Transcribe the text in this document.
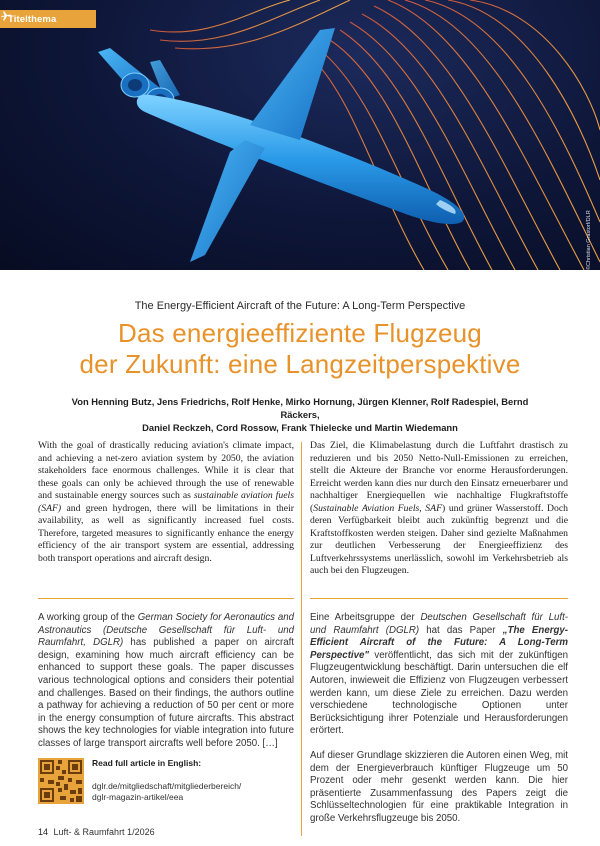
Titelthema
©Christian Grastorf/DLR
The Energy-Efficient Aircraft of the Future: A Long-Term Perspective
Das energieeffiziente Flugzeug
der Zukunft: eine Langzeitperspektive
Von Henning Butz, Jens Friedrichs, Rolf Henke, Mirko Hornung, Jürgen Klenner, Rolf Radespiel, Bernd Räckers,
Daniel Reckzeh, Cord Rossow, Frank Thielecke und Martin Wiedemann

With the goal of drastically reducing aviation's climate impact, and achieving a net-zero aviation system by 2050, the aviation stakeholders face enormous challenges. While it is clear that these goals can only be achieved through the use of renewable and sustainable energy sources such as sustainable aviation fuels (SAF) and green hydrogen, there will be limitations in their availability, as well as significantly increased fuel costs. Therefore, targeted measures to significantly enhance the energy efficiency of the air transport system are essential, addressing both transport operations and aircraft design.

A working group of the German Society for Aeronautics and Astronautics (Deutsche Gesellschaft für Luft- und Raumfahrt, DGLR) has published a paper on aircraft design, examining how much aircraft efficiency can be enhanced to support these goals. The paper discusses various technological options and considers their potential and challenges. Based on their findings, the authors outline a pathway for achieving a reduction of 50 per cent or more in the energy consumption of future aircrafts. This abstract shows the key technologies for viable integration into future classes of large transport aircrafts well before 2050. […]

Read full article in English:
dglr.de/mitgliedschaft/mitgliederbereich/
dglr-magazin-artikel/eea

Das Ziel, die Klimabelastung durch die Luftfahrt drastisch zu reduzieren und bis 2050 Netto-Null-Emissionen zu erreichen, stellt die Akteure der Branche vor enorme Herausforderungen. Erreicht werden kann dies nur durch den Einsatz erneuerbarer und nachhaltiger Energiequellen wie nachhaltige Flugkraftstoffe (Sustainable Aviation Fuels, SAF) und grüner Wasserstoff. Doch deren Verfügbarkeit bleibt auch zukünftig begrenzt und die Kraftstoffkosten werden steigen. Daher sind gezielte Maßnahmen zur deutlichen Verbesserung der Energieeffizienz des Luftverkehrssystems unerlässlich, sowohl im Verkehrsbetrieb als auch bei den Flugzeugen.

Eine Arbeitsgruppe der Deutschen Gesellschaft für Luft- und Raumfahrt (DGLR) hat das Paper „The Energy-Efficient Aircraft of the Future: A Long-Term Perspective" veröffentlicht, das sich mit der zukünftigen Flugzeugentwicklung beschäftigt. Darin untersuchen die elf Autoren, inwieweit die Effizienz von Flugzeugen verbessert werden kann, um diese Ziele zu erreichen. Dazu werden verschiedene technologische Optionen unter Berücksichtigung ihrer Potenziale und Herausforderungen erörtert.

Auf dieser Grundlage skizzieren die Autoren einen Weg, mit dem der Energieverbrauch künftiger Flugzeuge um 50 Prozent oder mehr gesenkt werden kann. Die hier präsentierte Zusammenfassung des Papers zeigt die Schlüsseltechnologien für eine praktikable Integration in große Verkehrsflugzeuge bis 2050.

14 Luft- & Raumfahrt 1/2026
